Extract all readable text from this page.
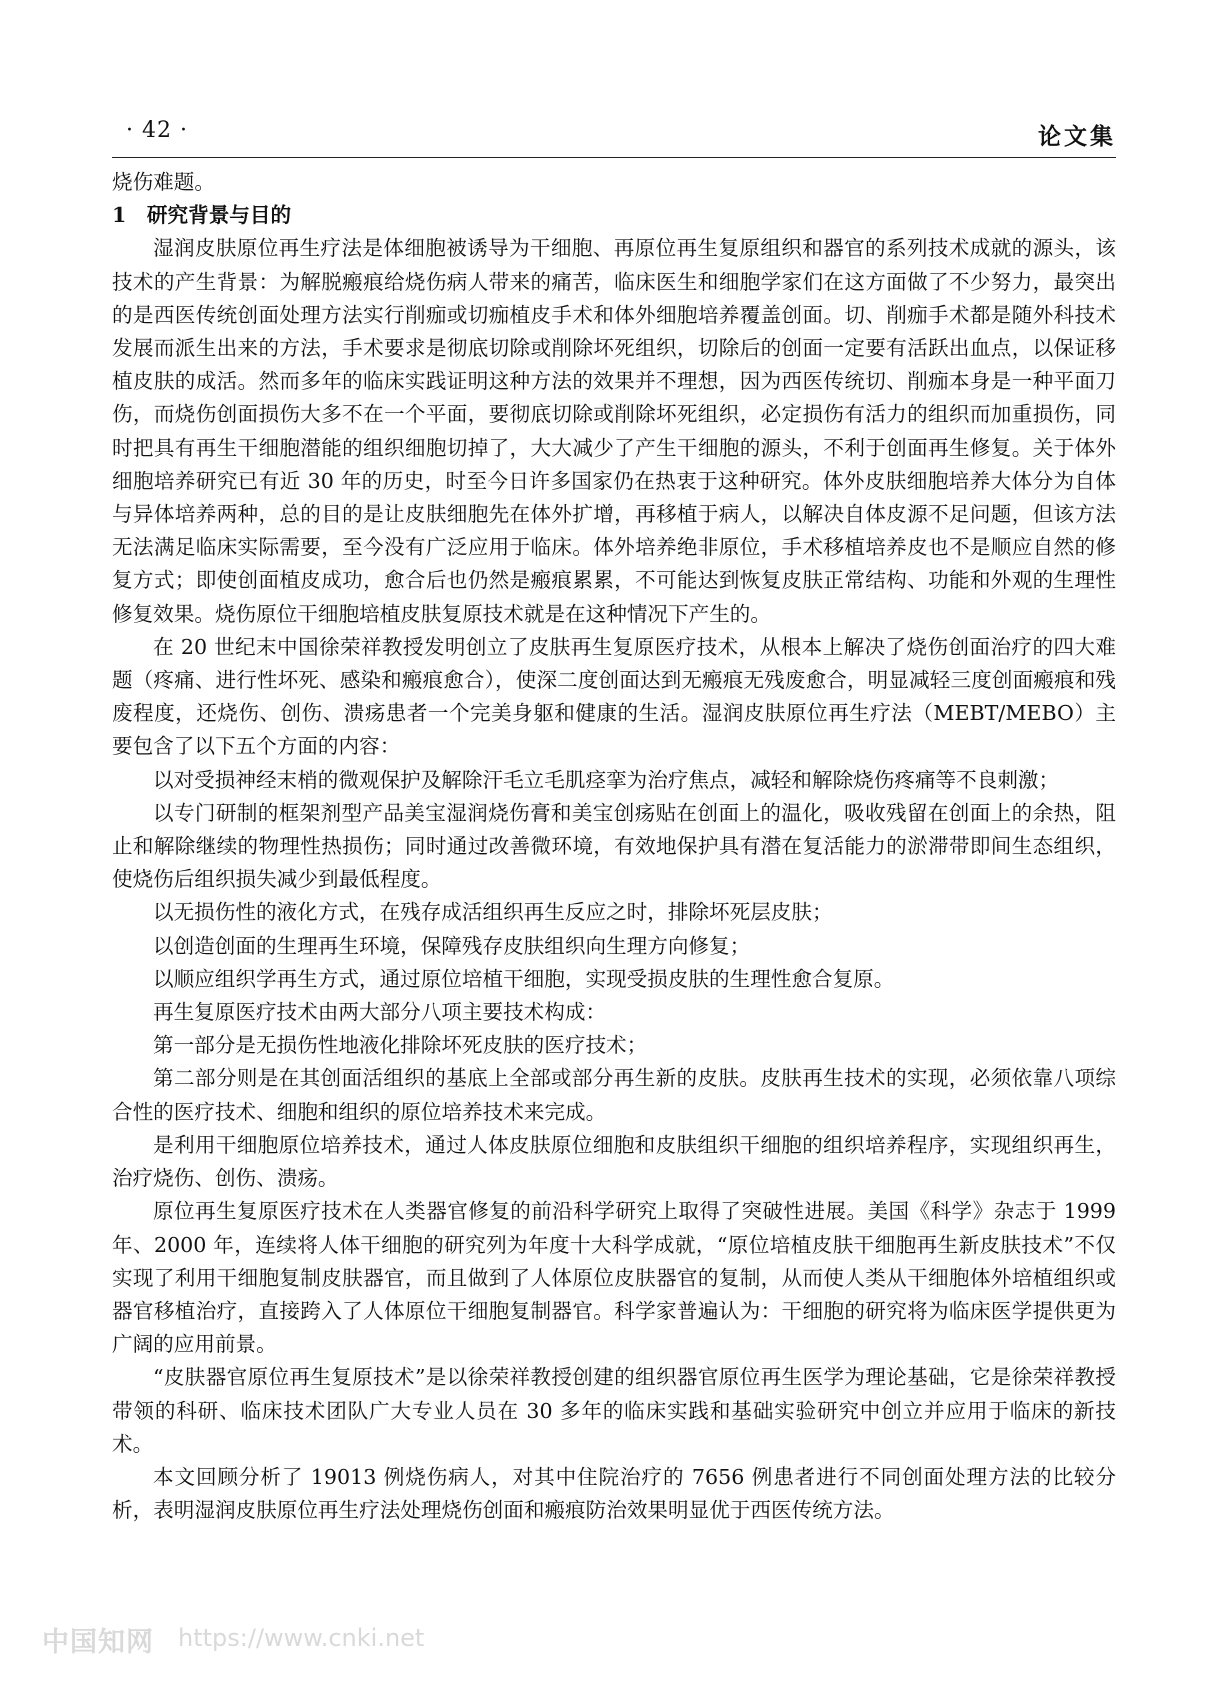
· 42 ·	论文集

烧伤难题。

1　研究背景与目的

湿润皮肤原位再生疗法是体细胞被诱导为干细胞、再原位再生复原组织和器官的系列技术成就的源头，该技术的产生背景：为解脱瘢痕给烧伤病人带来的痛苦，临床医生和细胞学家们在这方面做了不少努力，最突出的是西医传统创面处理方法实行削痂或切痂植皮手术和体外细胞培养覆盖创面。切、削痂手术都是随外科技术发展而派生出来的方法，手术要求是彻底切除或削除坏死组织，切除后的创面一定要有活跃出血点，以保证移植皮肤的成活。然而多年的临床实践证明这种方法的效果并不理想，因为西医传统切、削痂本身是一种平面刀伤，而烧伤创面损伤大多不在一个平面，要彻底切除或削除坏死组织，必定损伤有活力的组织而加重损伤，同时把具有再生干细胞潜能的组织细胞切掉了，大大减少了产生干细胞的源头，不利于创面再生修复。关于体外细胞培养研究已有近 30 年的历史，时至今日许多国家仍在热衷于这种研究。体外皮肤细胞培养大体分为自体与异体培养两种，总的目的是让皮肤细胞先在体外扩增，再移植于病人，以解决自体皮源不足问题，但该方法无法满足临床实际需要，至今没有广泛应用于临床。体外培养绝非原位，手术移植培养皮也不是顺应自然的修复方式；即使创面植皮成功，愈合后也仍然是瘢痕累累，不可能达到恢复皮肤正常结构、功能和外观的生理性修复效果。烧伤原位干细胞培植皮肤复原技术就是在这种情况下产生的。

在 20 世纪末中国徐荣祥教授发明创立了皮肤再生复原医疗技术，从根本上解决了烧伤创面治疗的四大难题（疼痛、进行性坏死、感染和瘢痕愈合），使深二度创面达到无瘢痕无残废愈合，明显减轻三度创面瘢痕和残废程度，还烧伤、创伤、溃疡患者一个完美身躯和健康的生活。湿润皮肤原位再生疗法（MEBT/MEBO）主要包含了以下五个方面的内容：

以对受损神经末梢的微观保护及解除汗毛立毛肌痉挛为治疗焦点，减轻和解除烧伤疼痛等不良刺激；

以专门研制的框架剂型产品美宝湿润烧伤膏和美宝创疡贴在创面上的温化，吸收残留在创面上的余热，阻止和解除继续的物理性热损伤；同时通过改善微环境，有效地保护具有潜在复活能力的淤滞带即间生态组织，使烧伤后组织损失减少到最低程度。

以无损伤性的液化方式，在残存成活组织再生反应之时，排除坏死层皮肤；

以创造创面的生理再生环境，保障残存皮肤组织向生理方向修复；

以顺应组织学再生方式，通过原位培植干细胞，实现受损皮肤的生理性愈合复原。

再生复原医疗技术由两大部分八项主要技术构成：

第一部分是无损伤性地液化排除坏死皮肤的医疗技术；

第二部分则是在其创面活组织的基底上全部或部分再生新的皮肤。皮肤再生技术的实现，必须依靠八项综合性的医疗技术、细胞和组织的原位培养技术来完成。

是利用干细胞原位培养技术，通过人体皮肤原位细胞和皮肤组织干细胞的组织培养程序，实现组织再生，治疗烧伤、创伤、溃疡。

原位再生复原医疗技术在人类器官修复的前沿科学研究上取得了突破性进展。美国《科学》杂志于 1999 年、2000 年，连续将人体干细胞的研究列为年度十大科学成就，“原位培植皮肤干细胞再生新皮肤技术”不仅实现了利用干细胞复制皮肤器官，而且做到了人体原位皮肤器官的复制，从而使人类从干细胞体外培植组织或器官移植治疗，直接跨入了人体原位干细胞复制器官。科学家普遍认为：干细胞的研究将为临床医学提供更为广阔的应用前景。

“皮肤器官原位再生复原技术”是以徐荣祥教授创建的组织器官原位再生医学为理论基础，它是徐荣祥教授带领的科研、临床技术团队广大专业人员在 30 多年的临床实践和基础实验研究中创立并应用于临床的新技术。

本文回顾分析了 19013 例烧伤病人，对其中住院治疗的 7656 例患者进行不同创面处理方法的比较分析，表明湿润皮肤原位再生疗法处理烧伤创面和瘢痕防治效果明显优于西医传统方法。

中国知网 https://www.cnki.net
